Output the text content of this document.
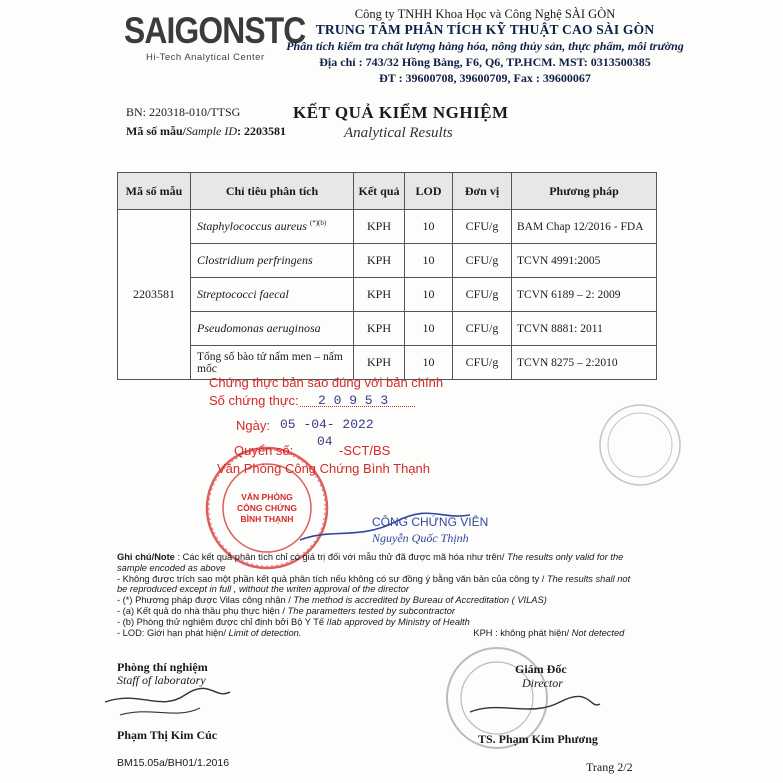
SAIGONSTC
Hi-Tech Analytical Center
Công ty TNHH Khoa Học và Công Nghệ SÀI GÒN
TRUNG TÂM PHÂN TÍCH KỸ THUẬT CAO SÀI GÒN
Phân tích kiểm tra chất lượng hàng hóa, nông thủy sản, thực phẩm, môi trường
Địa chỉ : 743/32 Hồng Bàng, F6, Q6, TP.HCM. MST: 0313500385
ĐT : 39600708, 39600709, Fax : 39600067
BN: 220318-010/TTSG
Mã số mẫu/Sample ID: 2203581
KẾT QUẢ KIỂM NGHIỆM
Analytical Results
Mã số mẫu	Chỉ tiêu phân tích	Kết quả	LOD	Đơn vị	Phương pháp
2203581	Staphylococcus aureus $^{(*)(b)}$	KPH	10	CFU/g	BAM Chap 12/2016 - FDA
	Clostridium perfringens	KPH	10	CFU/g	TCVN 4991:2005
	Streptococci faecal	KPH	10	CFU/g	TCVN 6189 – 2: 2009
	Pseudomonas aeruginosa	KPH	10	CFU/g	TCVN 8881: 2011
	Tổng số bào tử nấm men – nấm mốc	KPH	10	CFU/g	TCVN 8275 – 2:2010
Chứng thực bản sao đúng với bản chính
Số chứng thực: 2 0 9 5 3
Ngày: 05 -04- 2022
Quyển số:
04
-SCT/BS
Văn Phòng Công Chứng Bình Thạnh
VĂN PHÒNG
CÔNG CHỨNG
BÌNH THẠNH	CÔNG CHỨNG VIÊN
Nguyễn Quốc Thịnh
Ghi chú/Note : Các kết quả phân tích chỉ có giá trị đối với mẫu thử đã được mã hóa như trên/ The results only valid for the
sample encoded as above
- Không được trích sao một phần kết quả phân tích nếu không có sự đồng ý bằng văn bản của công ty / The results shall not
be reproduced except in full , without the writen approval of the director
- (*) Phương pháp được Vilas công nhận / The method is accredited by Bureau of Accreditation ( VILAS)
- (a) Kết quả do nhà thầu phụ thực hiện / The parametters tested by subcontractor
- (b) Phòng thử nghiệm được chỉ định bởi Bộ Y Tế /lab approved by Ministry of Health
- LOD: Giới hạn phát hiện/ Limit of detection.	KPH : không phát hiện/ Not detected
Phòng thí nghiệm
Staff of laboratory
Phạm Thị Kim Cúc
Giám Đốc
Director
TS. Phạm Kim Phương
BM15.05a/BH01/1.2016	Trang 2/2
